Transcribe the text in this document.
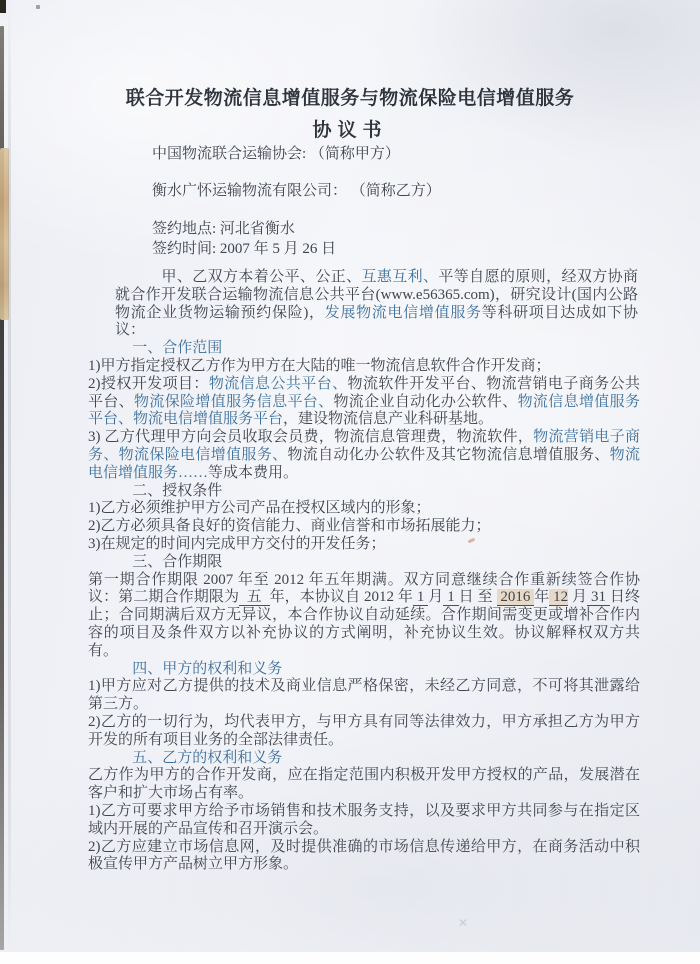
✕
联合开发物流信息增值服务与物流保险电信增值服务
协议书

中国物流联合运输协会: （简称甲方）

衡水广怀运输物流有限公司： （简称乙方）

签约地点: 河北省衡水

签约时间: 2007 年 5 月 26 日

甲、乙双方本着公平、公正、互惠互利、平等自愿的原则，经双方协商就合作开发联合运输物流信息公共平台(www.e56365.com)，研究设计(国内公路物流企业货物运输预约保险)，发展物流电信增值服务等科研项目达成如下协议：

一、合作范围

1)甲方指定授权乙方作为甲方在大陆的唯一物流信息软件合作开发商；

2)授权开发项目：物流信息公共平台、物流软件开发平台、物流营销电子商务公共平台、物流保险增值服务信息平台、物流企业自动化办公软件、物流信息增值服务平台、物流电信增值服务平台，建设物流信息产业科研基地。

3) 乙方代理甲方向会员收取会员费，物流信息管理费，物流软件，物流营销电子商务、物流保险电信增值服务、物流自动化办公软件及其它物流信息增值服务、物流电信增值服务……等成本费用。

二、授权条件

1)乙方必须维护甲方公司产品在授权区域内的形象；

2)乙方必须具备良好的资信能力、商业信誉和市场拓展能力；

3)在规定的时间内完成甲方交付的开发任务；

三、合作期限

第一期合作期限 2007 年至 2012 年五年期满。双方同意继续合作重新续签合作协议：第二期合作期限为  五  年，本协议自 2012 年 1 月 1 日 至  2016 年 12 月 31 日终止；合同期满后双方无异议，本合作协议自动延续。合作期间需变更或增补合作内容的项目及条件双方以补充协议的方式阐明，补充协议生效。协议解释权双方共有。

四、甲方的权利和义务

1)甲方应对乙方提供的技术及商业信息严格保密，未经乙方同意，不可将其泄露给第三方。

2)乙方的一切行为，均代表甲方，与甲方具有同等法律效力，甲方承担乙方为甲方开发的所有项目业务的全部法律责任。

五、乙方的权利和义务

乙方作为甲方的合作开发商，应在指定范围内积极开发甲方授权的产品，发展潜在客户和扩大市场占有率。

1)乙方可要求甲方给予市场销售和技术服务支持，以及要求甲方共同参与在指定区域内开展的产品宣传和召开演示会。

2)乙方应建立市场信息网，及时提供准确的市场信息传递给甲方，在商务活动中积极宣传甲方产品树立甲方形象。
